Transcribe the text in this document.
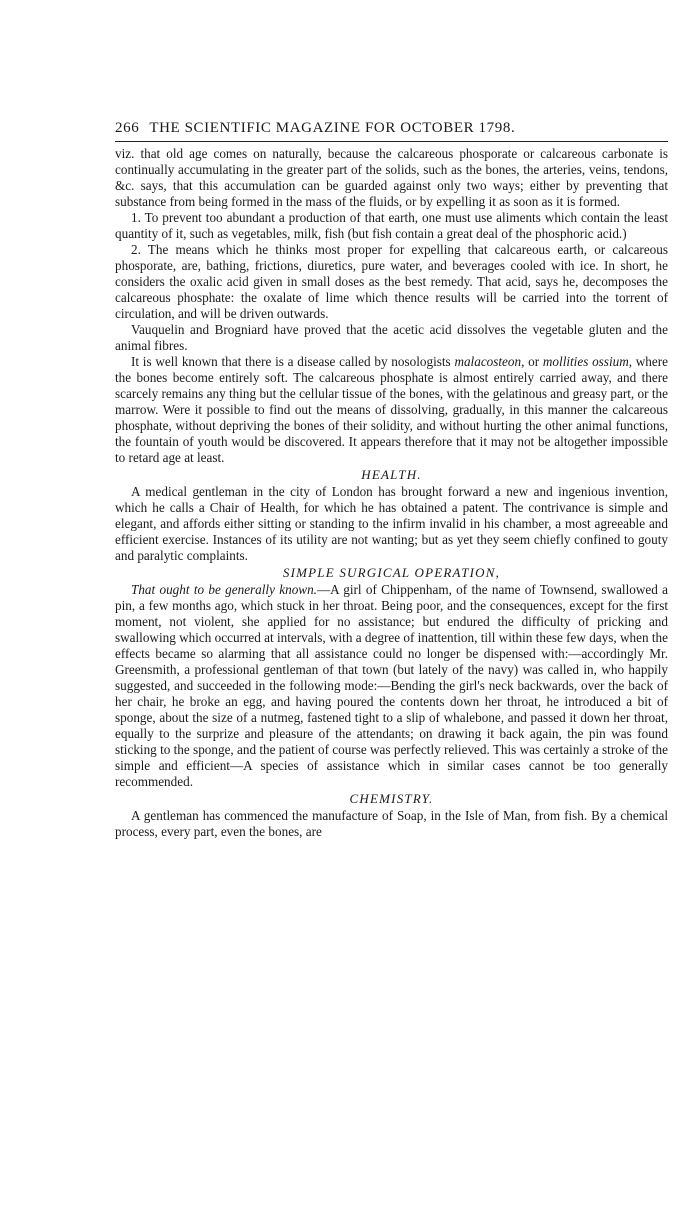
266 THE SCIENTIFIC MAGAZINE FOR OCTOBER 1798.

viz. that old age comes on naturally, because the calcareous phosporate or calcareous carbonate is continually accumulating in the greater part of the solids, such as the bones, the arteries, veins, tendons, &c. says, that this accumulation can be guarded against only two ways; either by preventing that substance from being formed in the mass of the fluids, or by expelling it as soon as it is formed.

1. To prevent too abundant a production of that earth, one must use aliments which contain the least quantity of it, such as vegetables, milk, fish (but fish contain a great deal of the phosphoric acid.)

2. The means which he thinks most proper for expelling that calcareous earth, or calcareous phosporate, are, bathing, frictions, diuretics, pure water, and beverages cooled with ice. In short, he considers the oxalic acid given in small doses as the best remedy. That acid, says he, decomposes the calcareous phosphate: the oxalate of lime which thence results will be carried into the torrent of circulation, and will be driven outwards.

Vauquelin and Brogniard have proved that the acetic acid dissolves the vegetable gluten and the animal fibres.

It is well known that there is a disease called by nosologists malacosteon, or mollities ossium, where the bones become entirely soft. The calcareous phosphate is almost entirely carried away, and there scarcely remains any thing but the cellular tissue of the bones, with the gelatinous and greasy part, or the marrow. Were it possible to find out the means of dissolving, gradually, in this manner the calcareous phosphate, without depriving the bones of their solidity, and without hurting the other animal functions, the fountain of youth would be discovered. It appears therefore that it may not be altogether impossible to retard age at least.

HEALTH.

A medical gentleman in the city of London has brought forward a new and ingenious invention, which he calls a Chair of Health, for which he has obtained a patent. The contrivance is simple and elegant, and affords either sitting or standing to the infirm invalid in his chamber, a most agreeable and efficient exercise. Instances of its utility are not wanting; but as yet they seem chiefly confined to gouty and paralytic complaints.

SIMPLE SURGICAL OPERATION,

That ought to be generally known.—A girl of Chippenham, of the name of Townsend, swallowed a pin, a few months ago, which stuck in her throat. Being poor, and the consequences, except for the first moment, not violent, she applied for no assistance; but endured the difficulty of pricking and swallowing which occurred at intervals, with a degree of inattention, till within these few days, when the effects became so alarming that all assistance could no longer be dispensed with:—accordingly Mr. Greensmith, a professional gentleman of that town (but lately of the navy) was called in, who happily suggested, and succeeded in the following mode:—Bending the girl's neck backwards, over the back of her chair, he broke an egg, and having poured the contents down her throat, he introduced a bit of sponge, about the size of a nutmeg, fastened tight to a slip of whalebone, and passed it down her throat, equally to the surprize and pleasure of the attendants; on drawing it back again, the pin was found sticking to the sponge, and the patient of course was perfectly relieved. This was certainly a stroke of the simple and efficient—A species of assistance which in similar cases cannot be too generally recommended.

CHEMISTRY.

A gentleman has commenced the manufacture of Soap, in the Isle of Man, from fish. By a chemical process, every part, even the bones, are
